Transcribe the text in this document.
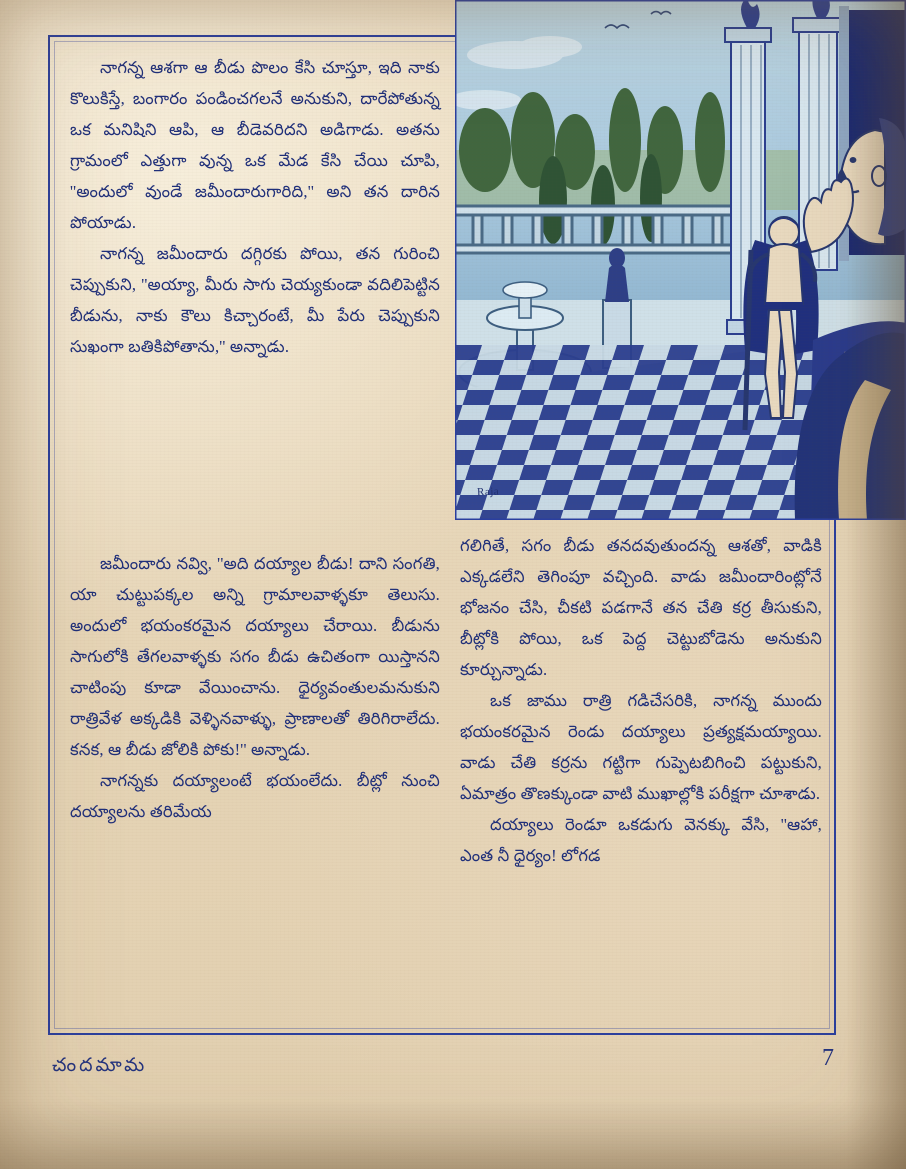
Raja

నాగన్న ఆశగా ఆ బీడు పొలం కేసి చూస్తూ, ఇది నాకు కొలుకిస్తే, బంగారం పండించగలనే అనుకుని, దారేపోతున్న ఒక మనిషిని ఆపి, ఆ బీడెవరిదని అడిగాడు. అతను గ్రామంలో ఎత్తుగా వున్న ఒక మేడ కేసి చేయి చూపి, ''అందులో వుండే జమీందారుగారిది,'' అని తన దారిన పోయాడు.

నాగన్న జమీందారు దగ్గిరకు పోయి, తన గురించి చెప్పుకుని, ''అయ్యా, మీరు సాగు చెయ్యకుండా వదిలిపెట్టిన బీడును, నాకు కౌలు కిచ్చారంటే, మీ పేరు చెప్పుకుని సుఖంగా బతికిపోతాను,'' అన్నాడు.

జమీందారు నవ్వి, ''అది దయ్యాల బీడు! దాని సంగతి, యా చుట్టుపక్కల అన్ని గ్రామాలవాళ్ళకూ తెలుసు. అందులో భయంకరమైన దయ్యాలు చేరాయి. బీడును సాగులోకి తేగలవాళ్ళకు సగం బీడు ఉచితంగా యిస్తానని చాటింపు కూడా వేయించాను. ధైర్యవంతులమనుకుని రాత్రివేళ అక్కడికి వెళ్ళినవాళ్ళు, ప్రాణాలతో తిరిగిరాలేదు. కనక, ఆ బీడు జోలికి పోకు!'' అన్నాడు.

నాగన్నకు దయ్యాలంటే భయంలేదు. బీట్లో నుంచి దయ్యాలను తరిమేయ

గలిగితే, సగం బీడు తనదవుతుందన్న ఆశతో, వాడికి ఎక్కడలేని తెగింపూ వచ్చింది. వాడు జమీందారింట్లోనే భోజనం చేసి, చీకటి పడగానే తన చేతి కర్ర తీసుకుని, బీట్లోకి పోయి, ఒక పెద్ద చెట్టుబోడెను అనుకుని కూర్చున్నాడు.

ఒక జాము రాత్రి గడిచేసరికి, నాగన్న ముందు భయంకరమైన రెండు దయ్యాలు ప్రత్యక్షమయ్యాయి. వాడు చేతి కర్రను గట్టిగా గుప్పెటబిగించి పట్టుకుని, ఏమాత్రం తొణక్కుండా వాటి ముఖాల్లోకి పరీక్షగా చూశాడు.

దయ్యాలు రెండూ ఒకడుగు వెనక్కు వేసి, ''ఆహా, ఎంత నీ ధైర్యం! లోగడ

చందమామ	7
